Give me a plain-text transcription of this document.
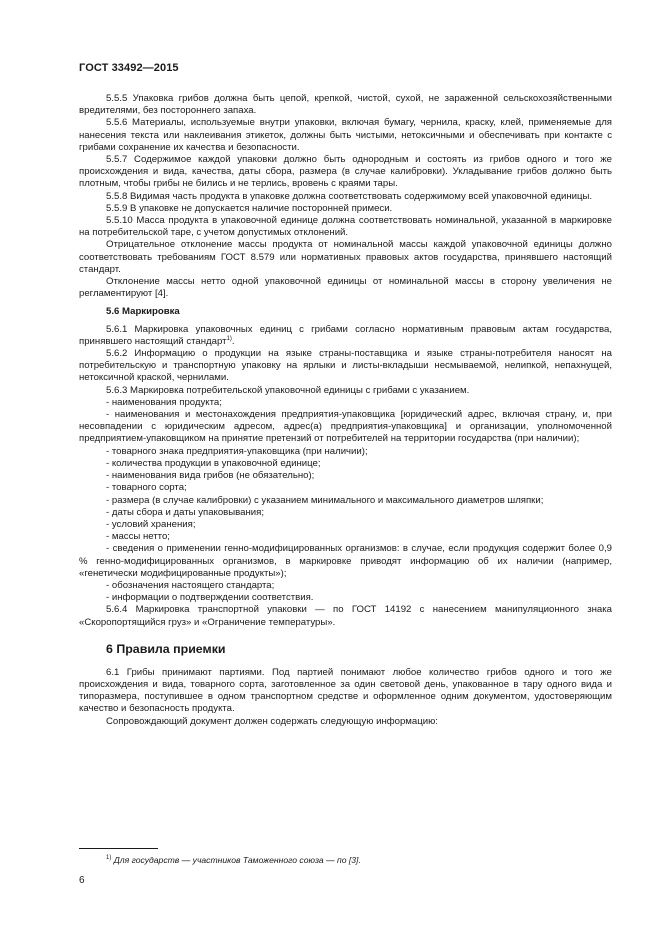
ГОСТ 33492—2015

5.5.5 Упаковка грибов должна быть цепой, крепкой, чистой, сухой, не зараженной сельскохозяйственными вредителями, без постороннего запаха.

5.5.6 Материалы, используемые внутри упаковки, включая бумагу, чернила, краску, клей, применяемые для нанесения текста или наклеивания этикеток, должны быть чистыми, нетоксичными и обеспечивать при контакте с грибами сохранение их качества и безопасности.

5.5.7 Содержимое каждой упаковки должно быть однородным и состоять из грибов одного и того же происхождения и вида, качества, даты сбора, размера (в случае калибровки). Укладывание грибов должно быть плотным, чтобы грибы не бились и не терлись, вровень с краями тары.

5.5.8 Видимая часть продукта в упаковке должна соответствовать содержимому всей упаковочной единицы.

5.5.9 В упаковке не допускается наличие посторонней примеси.

5.5.10 Масса продукта в упаковочной единице должна соответствовать номинальной, указанной в маркировке на потребительской таре, с учетом допустимых отклонений.

Отрицательное отклонение массы продукта от номинальной массы каждой упаковочной единицы должно соответствовать требованиям ГОСТ 8.579 или нормативных правовых актов государства, принявшего настоящий стандарт.

Отклонение массы нетто одной упаковочной единицы от номинальной массы в сторону увеличения не регламентируют [4].

5.6 Маркировка

5.6.1 Маркировка упаковочных единиц с грибами согласно нормативным правовым актам государства, принявшего настоящий стандарт$^{1)}$.

5.6.2 Информацию о продукции на языке страны-поставщика и языке страны-потребителя наносят на потребительскую и транспортную упаковку на ярлыки и листы-вкладыши несмываемой, нелипкой, непахнущей, нетоксичной краской, чернилами.

5.6.3 Маркировка потребительской упаковочной единицы с грибами с указанием.

- наименования продукта;

- наименования и местонахождения предприятия-упаковщика [юридический адрес, включая страну, и, при несовпадении с юридическим адресом, адрес(а) предприятия-упаковщика] и организации, уполномоченной предприятием-упаковщиком на принятие претензий от потребителей на территории государства (при наличии);

- товарного знака предприятия-упаковщика (при наличии);

- количества продукции в упаковочной единице;

- наименования вида грибов (не обязательно);

- товарного сорта;

- размера (в случае калибровки) с указанием минимального и максимального диаметров шляпки;

- даты сбора и даты упаковывания;

- условий хранения;

- массы нетто;

- сведения о применении генно-модифицированных организмов: в случае, если продукция содержит более 0,9 % генно-модифицированных организмов, в маркировке приводят информацию об их наличии (например, «генетически модифицированные продукты»);

- обозначения настоящего стандарта;

- информации о подтверждении соответствия.

5.6.4 Маркировка транспортной упаковки — по ГОСТ 14192 с нанесением манипуляционного знака «Скоропортящийся груз» и «Ограничение температуры».

6 Правила приемки

6.1 Грибы принимают партиями. Под партией понимают любое количество грибов одного и того же происхождения и вида, товарного сорта, заготовленное за один световой день, упакованное в тару одного вида и типоразмера, поступившее в одном транспортном средстве и оформленное одним документом, удостоверяющим качество и безопасность продукта.

Сопровождающий документ должен содержать следующую информацию:

$^{1)}$ Для государств — участников Таможенного союза — по [3].
6
